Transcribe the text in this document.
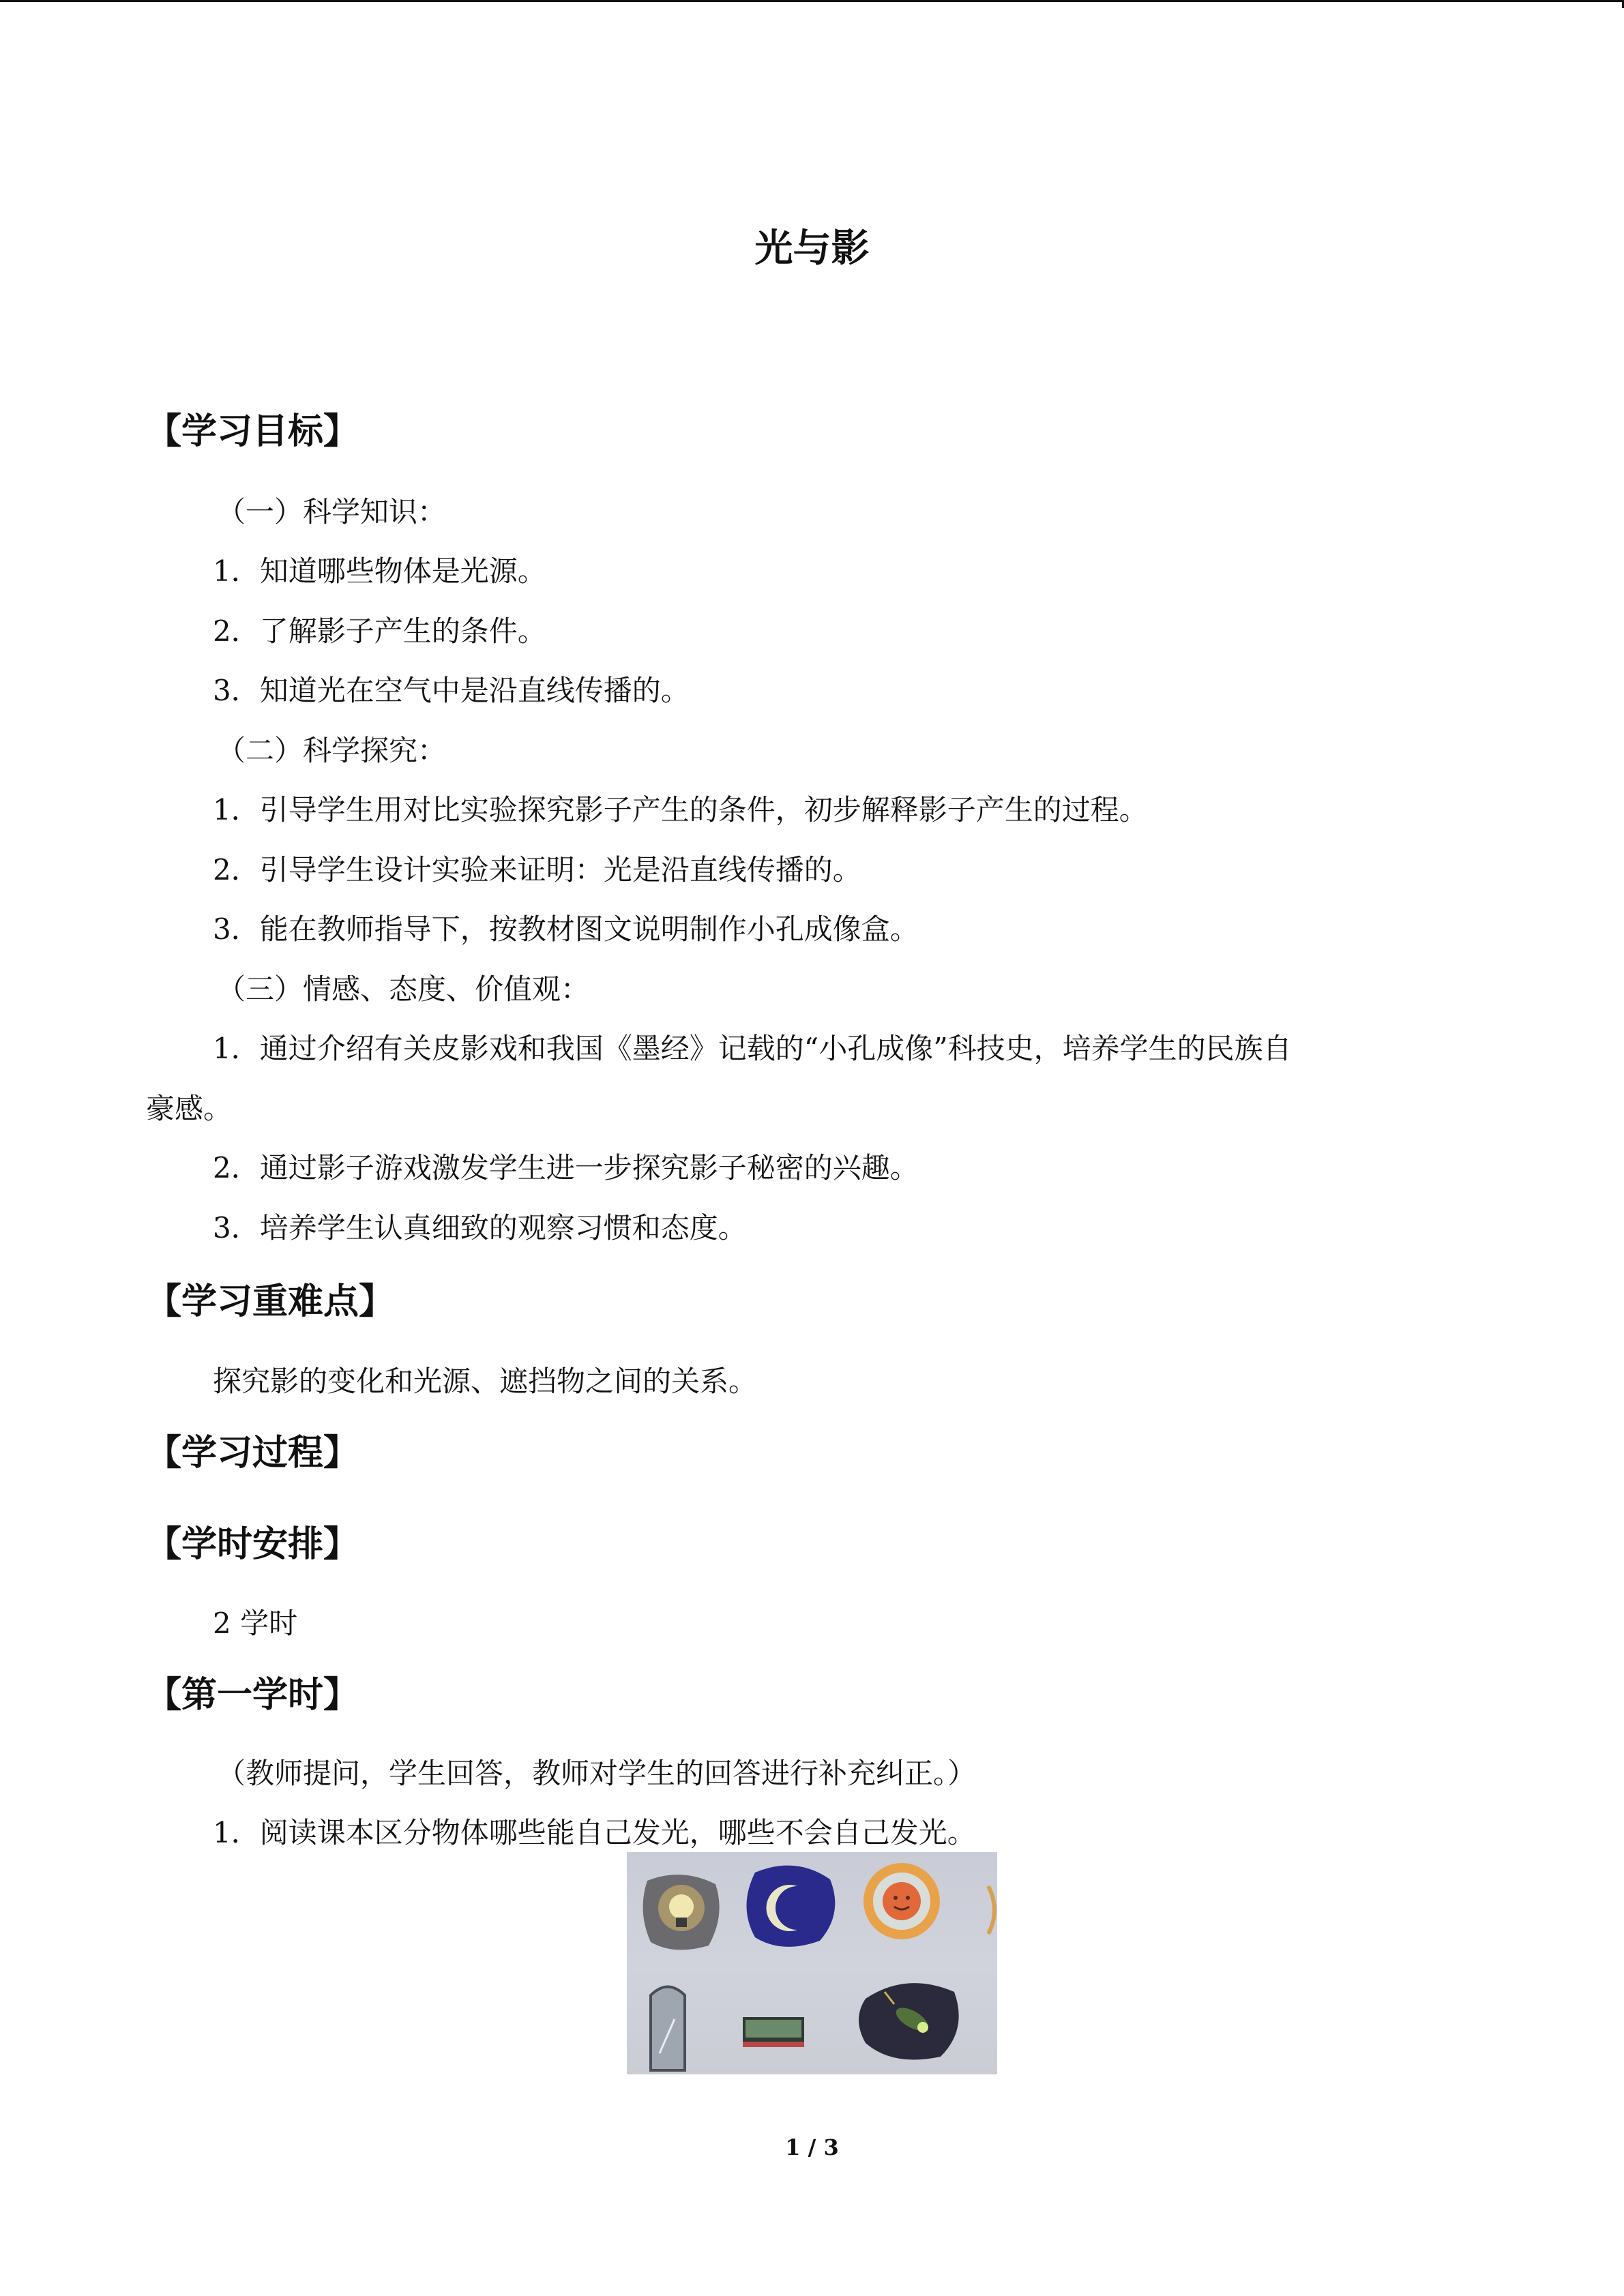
光与影
【学习目标】
（一）科学知识：
1．知道哪些物体是光源。
2．了解影子产生的条件。
3．知道光在空气中是沿直线传播的。
（二）科学探究：
1．引导学生用对比实验探究影子产生的条件，初步解释影子产生的过程。
2．引导学生设计实验来证明：光是沿直线传播的。
3．能在教师指导下，按教材图文说明制作小孔成像盒。
（三）情感、态度、价值观：
1．通过介绍有关皮影戏和我国《墨经》记载的“小孔成像”科技史，培养学生的民族自
豪感。
2．通过影子游戏激发学生进一步探究影子秘密的兴趣。
3．培养学生认真细致的观察习惯和态度。
【学习重难点】
探究影的变化和光源、遮挡物之间的关系。
【学习过程】
【学时安排】
2 学时
【第一学时】
（教师提问，学生回答，教师对学生的回答进行补充纠正。）
1．阅读课本区分物体哪些能自己发光，哪些不会自己发光。
1 / 3
